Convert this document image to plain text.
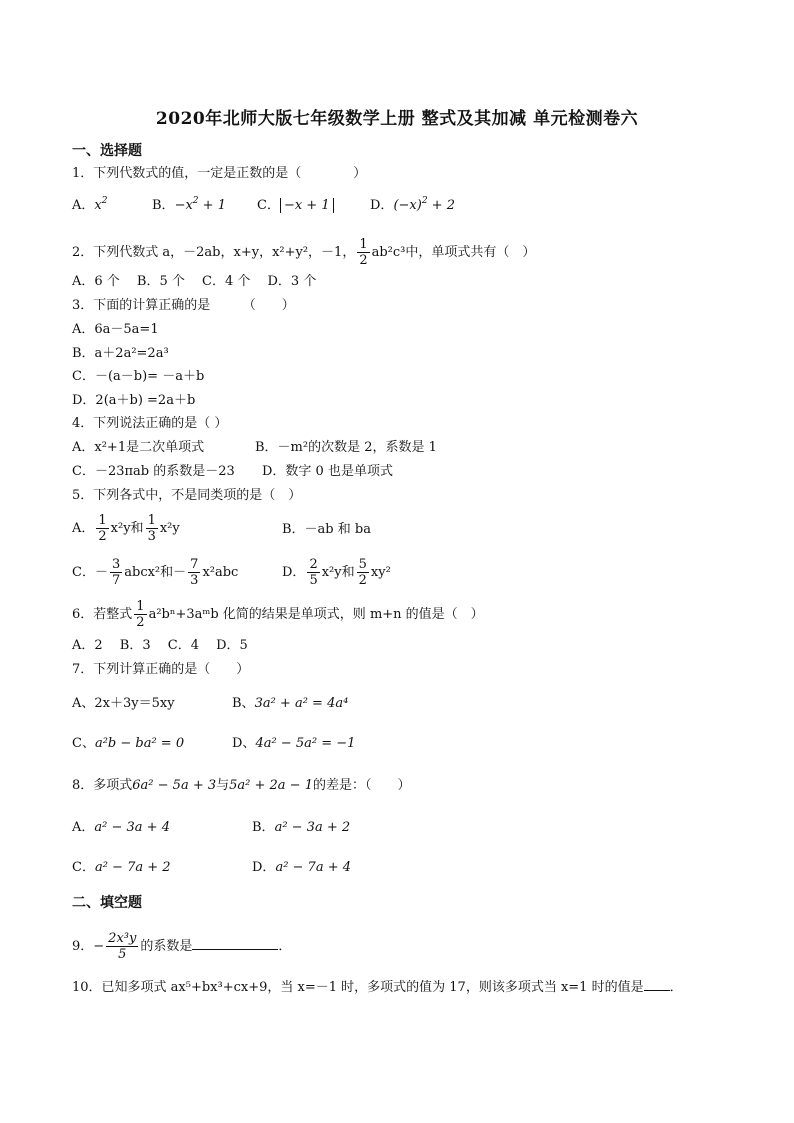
2020年北师大版七年级数学上册 整式及其加减 单元检测卷六
一、选择题
1．下列代数式的值，一定是正数的是（　　　　）
A．$x^2$	B．$-x^2 + 1$ C． −x + 1	D．$(-x)^2 + 2$
2．下列代数式 a，－2ab，x+y，x²+y²，－1， $\frac{1}{2} ab^2c^3$中，单项式共有（　）
A．6 个　 B．5 个　 C．4 个　 D．3 个
3．下面的计算正确的是　　　（　　）
A．6a－5a=1
B．a＋2a²=2a³
C．－(a－b)= －a＋b
D．2(a＋b) =2a＋b
4．下列说法正确的是（ ）
A．x²+1是二次单项式	B．－m²的次数是 2，系数是 1
C．－23πab 的系数是－23 D．数字 0 也是单项式
5．下列各式中，不是同类项的是（　）
A． $\frac{1}{2} x^2y$和 $\frac{1}{3} x^2y$	B．－ab 和 ba
C．－ $\frac{3}{7}$ abcx²和－ $\frac{7}{3} x^2abc$	D． $\frac{2}{5} x^2y$和 $\frac{5}{2} xy^2$
6．若整式 $\frac{1}{2}$ a²bⁿ+3aᵐb 化简的结果是单项式，则 m+n 的值是（　）
A．2　 B．3　 C．4　 D．5
7．下列计算正确的是（　　）
A、2x＋3y＝5xy	B、3a² + a² = 4a⁴
C、a²b − ba² = 0	D、4a² − 5a² = −1
8．多项式6a² − 5a + 3与5a² + 2a − 1的差是：（　　）
A．a² − 3a + 4	B．a² − 3a + 2
C．a² − 7a + 2	D．a² − 7a + 4
二、填空题
9．− $\frac{\text{2x³y}}{5}$ 的系数是	．
10．已知多项式 ax⁵+bx³+cx+9，当 x=－1 时，多项式的值为 17，则该多项式当 x=1 时的值是 ．
